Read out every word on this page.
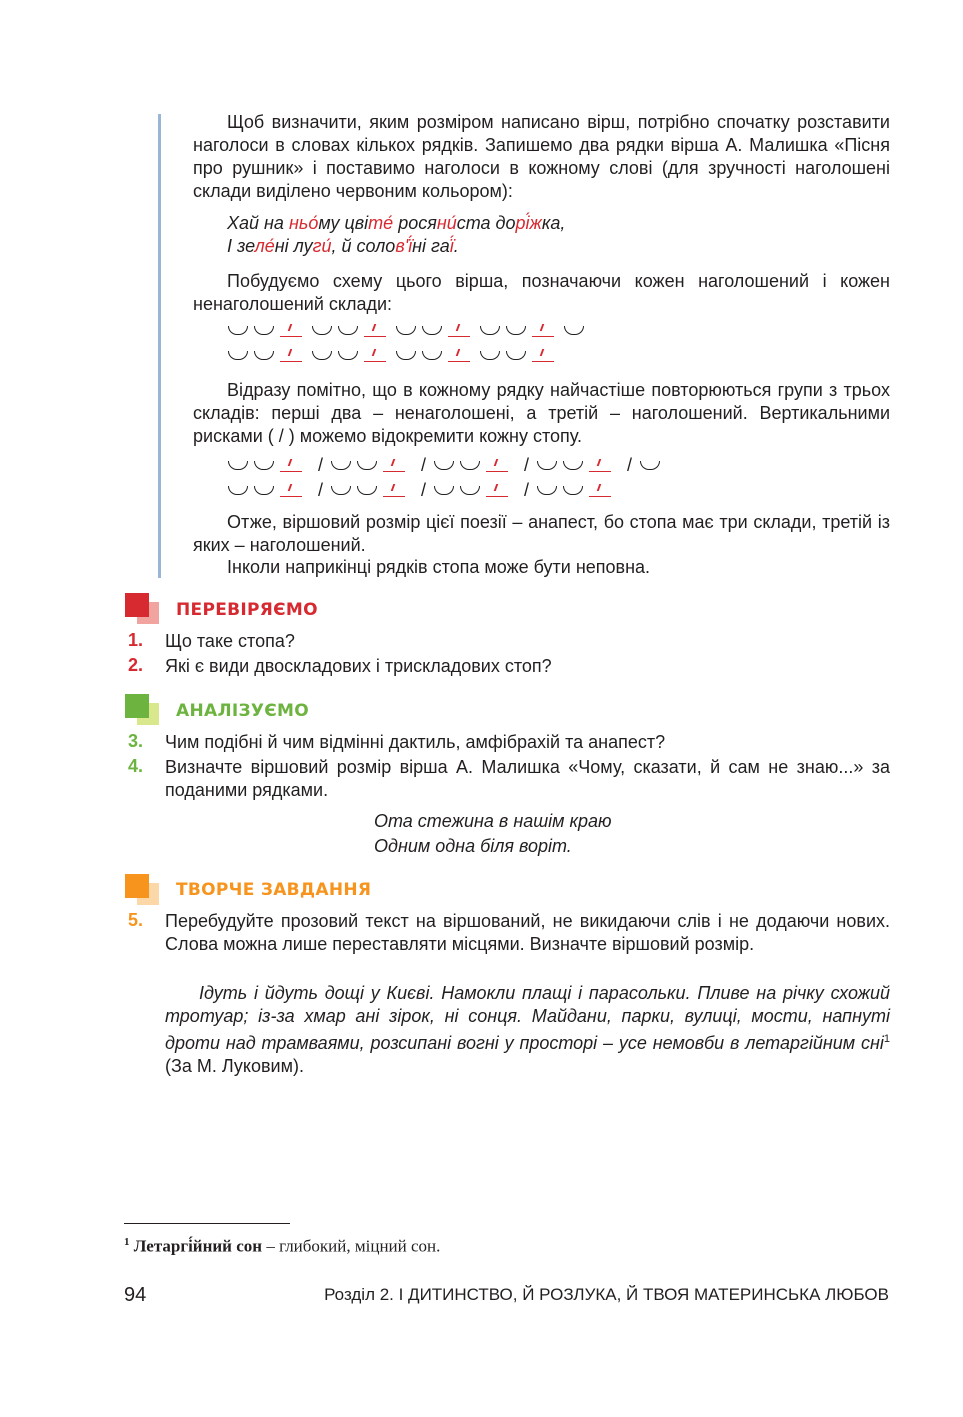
Щоб визначити, яким розміром написано вірш, потрібно спочатку розставити наголоси в словах кількох рядків. Запишемо два рядки вірша А. Малишка «Пісня про рушник» і поставимо наголоси в кожному слові (для зручності наголошені склади виділено червоним кольором):
Хай на ньо́му цвіте́ росяни́ста дорі́жка,
І зеле́ні луги́, й солов'ї́ні гаї́.
Побудуємо схему цього вірша, позначаючи кожен наголошений і кожен ненаголошений склади:
Відразу помітно, що в кожному рядку найчастіше повторюються групи з трьох складів: перші два – ненаголошені, а третій – наголошений. Вертикальними рисками ( / ) можемо відокремити кожну стопу.
/	/	/	/
/	/	/
Отже, віршовий розмір цієї поезії – анапест, бо стопа має три склади, третій із яких – наголошений.
Інколи наприкінці рядків стопа може бути неповна.
ПЕРЕВІРЯЄМО
1. Що таке стопа?
2. Які є види двоскладових і трискладових стоп?
АНАЛІЗУЄМО
3. Чим подібні й чим відмінні дактиль, амфібрахій та анапест?
4. Визначте віршовий розмір вірша А. Малишка «Чому, сказати, й сам не знаю...» за поданими рядками.
Ота стежина в нашім краю
Одним одна біля воріт.
ТВОРЧЕ ЗАВДАННЯ
5. Перебудуйте прозовий текст на віршований, не викидаючи слів і не додаючи нових. Слова можна лише переставляти місцями. Визначте віршовий розмір.
Ідуть і йдуть дощі у Києві. Намокли плащі і парасольки. Пливе на річку схожий тротуар; із-за хмар ані зірок, ні сонця. Майдани, парки, вулиці, мости, напнуті дроти над трамваями, розсипані вогні у просторі – усе немовби в летаргійним сні$^1$ (За М. Луковим).
$^1$ Летаргі́йний сон – глибокий, міцний сон.
94	Розділ 2. І ДИТИНСТВО, Й РОЗЛУКА, Й ТВОЯ МАТЕРИНСЬКА ЛЮБОВ
